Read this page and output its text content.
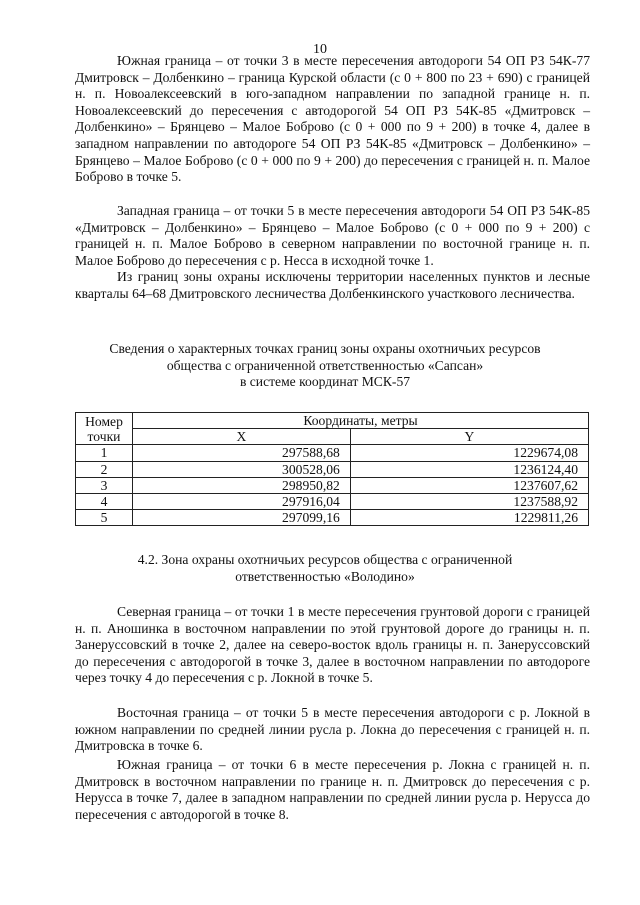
10

Южная граница – от точки 3 в месте пересечения автодороги 54 ОП РЗ 54К-77 Дмитровск – Долбенкино – граница Курской области (с 0 + 800 по 23 + 690) с границей н. п. Новоалексеевский в юго-западном направлении по западной границе н. п. Новоалексеевский до пересечения с автодорогой 54 ОП РЗ 54К-85 «Дмитровск – Долбенкино» – Брянцево – Малое Боброво (с 0 + 000 по 9 + 200) в точке 4, далее в западном направлении по автодороге 54 ОП РЗ 54К-85 «Дмитровск – Долбенкино» – Брянцево – Малое Боброво (с 0 + 000 по 9 + 200) до пересечения с границей н. п. Малое Боброво в точке 5.

Западная граница – от точки 5 в месте пересечения автодороги 54 ОП РЗ 54К-85 «Дмитровск – Долбенкино» – Брянцево – Малое Боброво (с 0 + 000 по 9 + 200) с границей н. п. Малое Боброво в северном направлении по восточной границе н. п. Малое Боброво до пересечения с р. Несса в исходной точке 1.

Из границ зоны охраны исключены территории населенных пунктов и лесные кварталы 64–68 Дмитровского лесничества Долбенкинского участкового лесничества.

Сведения о характерных точках границ зоны охраны охотничьих ресурсов
общества с ограниченной ответственностью «Сапсан»
в системе координат МСК-57
Номер
точки	Координаты, метры	
	X	Y
1	297588,68	1229674,08
2	300528,06	1236124,40
3	298950,82	1237607,62
4	297916,04	1237588,92
5	297099,16	1229811,26
4.2. Зона охраны охотничьих ресурсов общества с ограниченной
ответственностью «Володино»

Северная граница – от точки 1 в месте пересечения грунтовой дороги с границей н. п. Аношинка в восточном направлении по этой грунтовой дороге до границы н. п. Занеруссовский в точке 2, далее на северо-восток вдоль границы н. п. Занеруссовский до пересечения с автодорогой в точке 3, далее в восточном направлении по автодороге через точку 4 до пересечения с р. Локной в точке 5.

Восточная граница – от точки 5 в месте пересечения автодороги с р. Локной в южном направлении по средней линии русла р. Локна до пересечения с границей н. п. Дмитровска в точке 6.

Южная граница – от точки 6 в месте пересечения р. Локна с границей н. п. Дмитровск в восточном направлении по границе н. п. Дмитровск до пересечения с р. Нерусса в точке 7, далее в западном направлении по средней линии русла р. Нерусса до пересечения с автодорогой в точке 8.
